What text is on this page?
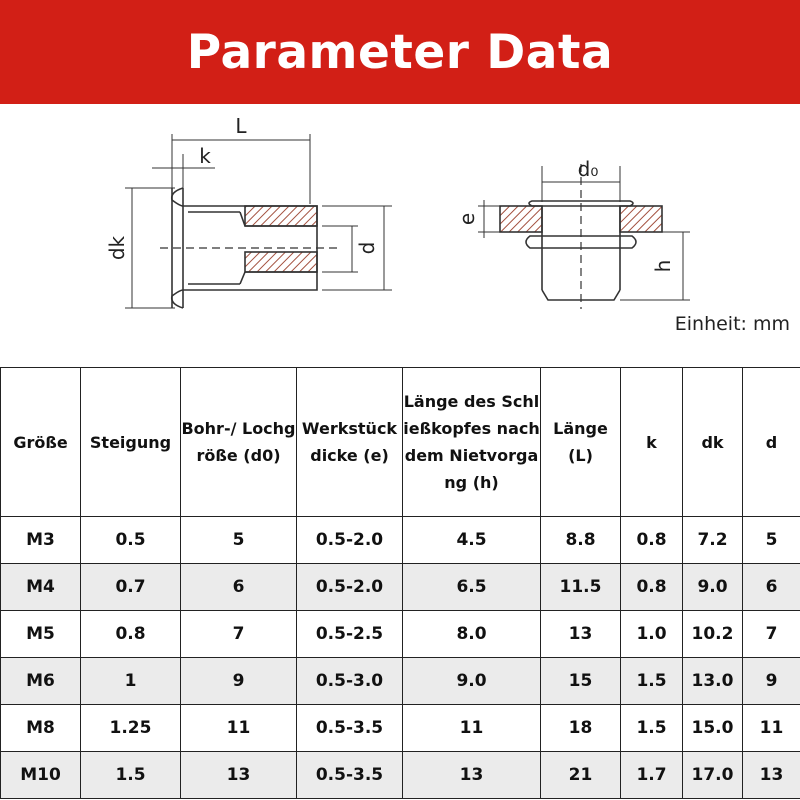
Parameter Data
L
k
dk	d
d₀
e
h
Einheit: mm
Größe	Steigung	Bohr-/ Lochgröße (d0)	Werkstückdicke (e)	Länge des Schließkopfes nach dem Nietvorgang (h)	Länge (L)	k	dk	d
M3	0.5	5	0.5-2.0	4.5	8.8	0.8	7.2	5
M4	0.7	6	0.5-2.0	6.5	11.5	0.8	9.0	6
M5	0.8	7	0.5-2.5	8.0	13	1.0	10.2	7
M6	1	9	0.5-3.0	9.0	15	1.5	13.0	9
M8	1.25	11	0.5-3.5	11	18	1.5	15.0	11
M10	1.5	13	0.5-3.5	13	21	1.7	17.0	13
